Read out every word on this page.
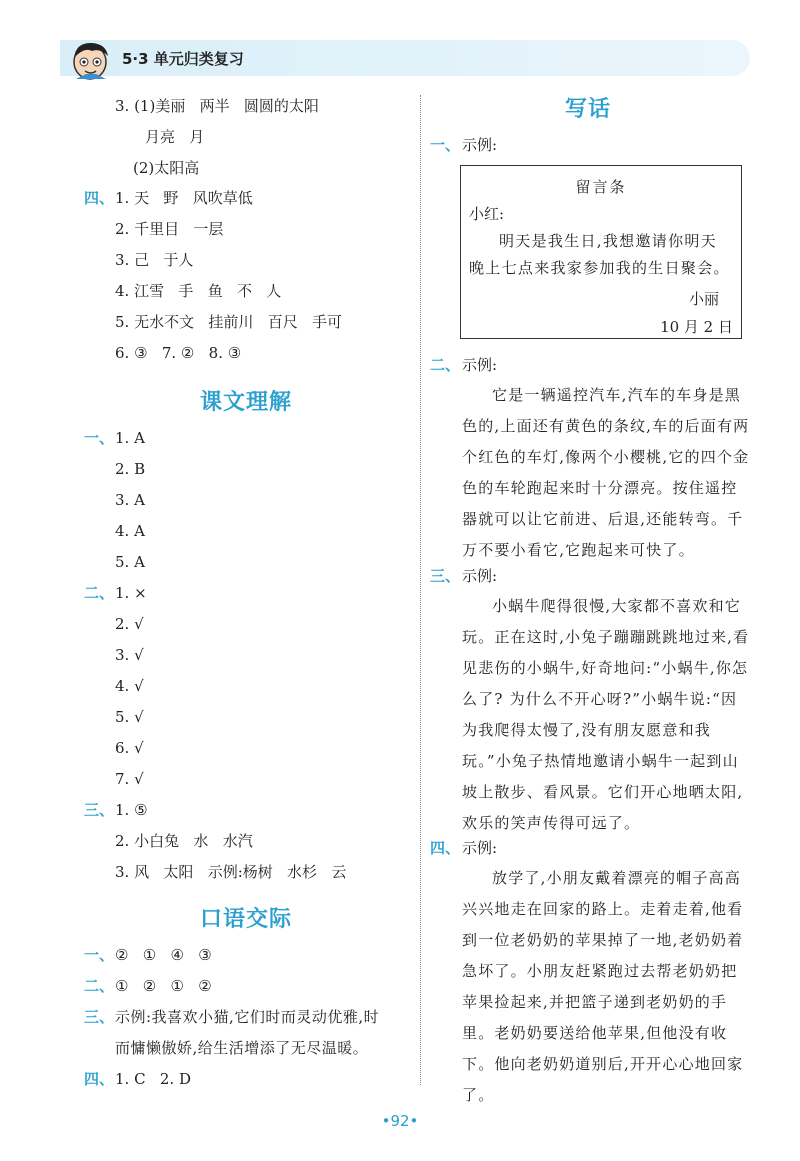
5·3 单元归类复习
3. (1)美丽   两半   圆圆的太阳
月亮   月
(2)太阳高
四、 1. 天   野   风吹草低
2. 千里目   一层
3. 己   于人
4. 江雪   手   鱼   不   人
5. 无水不文   挂前川   百尺   手可
6. ③   7. ②   8. ③
课文理解
一、 1. A
2. B
3. A
4. A
5. A
二、 1. ×
2. √
3. √
4. √
5. √
6. √
7. √
三、 1. ⑤
2. 小白兔   水   水汽
3. 风   太阳   示例:杨树   水杉   云
口语交际
一、 ②   ①   ④   ③
二、 ①   ②   ①   ②
三、 示例:我喜欢小猫,它们时而灵动优雅,时
而慵懒傲娇,给生活增添了无尽温暖。
四、 1. C   2. D
写话
一、 示例:
留言条
小红:
明天是我生日,我想邀请你明天晚上七点来我家参加我的生日聚会。
小丽
10 月 2 日
二、 示例:
它是一辆遥控汽车,汽车的车身是黑色的,上面还有黄色的条纹,车的后面有两个红色的车灯,像两个小樱桃,它的四个金色的车轮跑起来时十分漂亮。按住遥控器就可以让它前进、后退,还能转弯。千万不要小看它,它跑起来可快了。
三、 示例:
小蜗牛爬得很慢,大家都不喜欢和它玩。正在这时,小兔子蹦蹦跳跳地过来,看见悲伤的小蜗牛,好奇地问:“小蜗牛,你怎么了? 为什么不开心呀?”小蜗牛说:“因为我爬得太慢了,没有朋友愿意和我玩。”小兔子热情地邀请小蜗牛一起到山坡上散步、看风景。它们开心地晒太阳,欢乐的笑声传得可远了。
四、 示例:
放学了,小朋友戴着漂亮的帽子高高兴兴地走在回家的路上。走着走着,他看到一位老奶奶的苹果掉了一地,老奶奶着急坏了。小朋友赶紧跑过去帮老奶奶把苹果捡起来,并把篮子递到老奶奶的手里。老奶奶要送给他苹果,但他没有收下。他向老奶奶道别后,开开心心地回家了。
•92•
